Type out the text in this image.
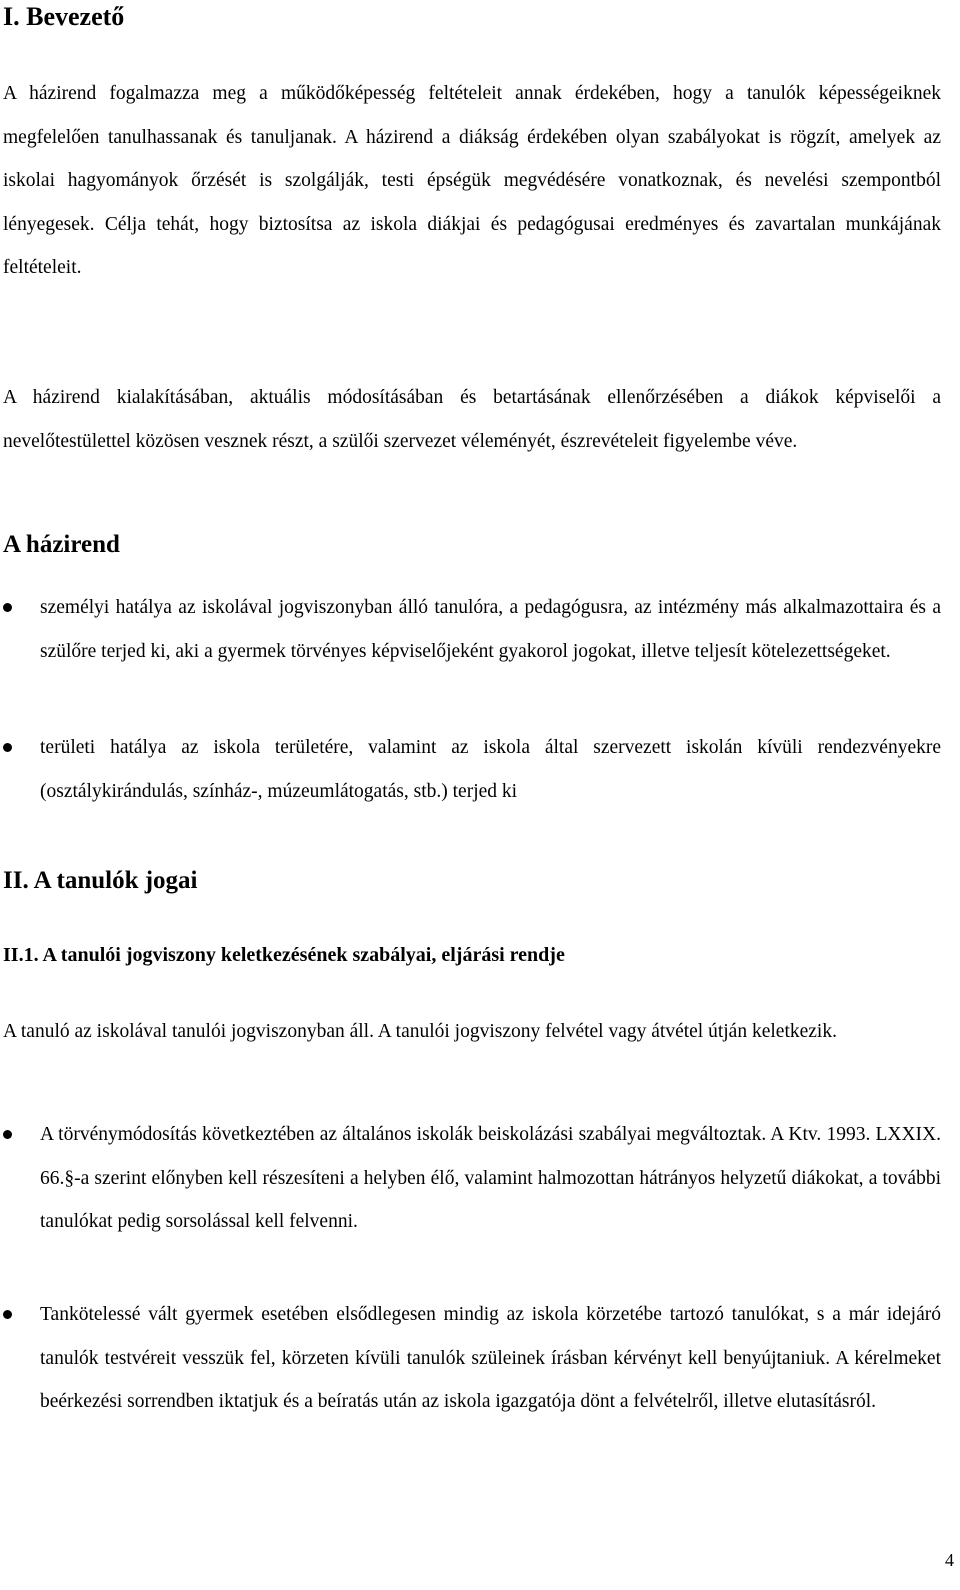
I. Bevezető

A házirend fogalmazza meg a működőképesség feltételeit annak érdekében, hogy a tanulók képességeiknek megfelelően tanulhassanak és tanuljanak. A házirend a diákság érdekében olyan szabályokat is rögzít, amelyek az iskolai hagyományok őrzését is szolgálják, testi épségük megvédésére vonatkoznak, és nevelési szempontból lényegesek. Célja tehát, hogy biztosítsa az iskola diákjai és pedagógusai eredményes és zavartalan munkájának feltételeit.

A házirend kialakításában, aktuális módosításában és betartásának ellenőrzésében a diákok képviselői a nevelőtestülettel közösen vesznek részt, a szülői szervezet véleményét, észrevételeit figyelembe véve.

A házirend

személyi hatálya az iskolával jogviszonyban álló tanulóra, a pedagógusra, az intézmény más alkalmazottaira és a szülőre terjed ki, aki a gyermek törvényes képviselőjeként gyakorol jogokat, illetve teljesít kötelezettségeket.

területi hatálya az iskola területére, valamint az iskola által szervezett iskolán kívüli rendezvényekre (osztálykirándulás, színház-, múzeumlátogatás, stb.) terjed ki

II. A tanulók jogai
II.1. A tanulói jogviszony keletkezésének szabályai, eljárási rendje

A tanuló az iskolával tanulói jogviszonyban áll. A tanulói jogviszony felvétel vagy átvétel útján keletkezik.

A törvénymódosítás következtében az általános iskolák beiskolázási szabályai megváltoztak. A Ktv. 1993. LXXIX. 66.§-a szerint előnyben kell részesíteni a helyben élő, valamint halmozottan hátrányos helyzetű diákokat, a további tanulókat pedig sorsolással kell felvenni.

Tankötelessé vált gyermek esetében elsődlegesen mindig az iskola körzetébe tartozó tanulókat, s a már idejáró tanulók testvéreit vesszük fel, körzeten kívüli tanulók szüleinek írásban kérvényt kell benyújtaniuk. A kérelmeket beérkezési sorrendben iktatjuk és a beíratás után az iskola igazgatója dönt a felvételről, illetve elutasításról.

4
